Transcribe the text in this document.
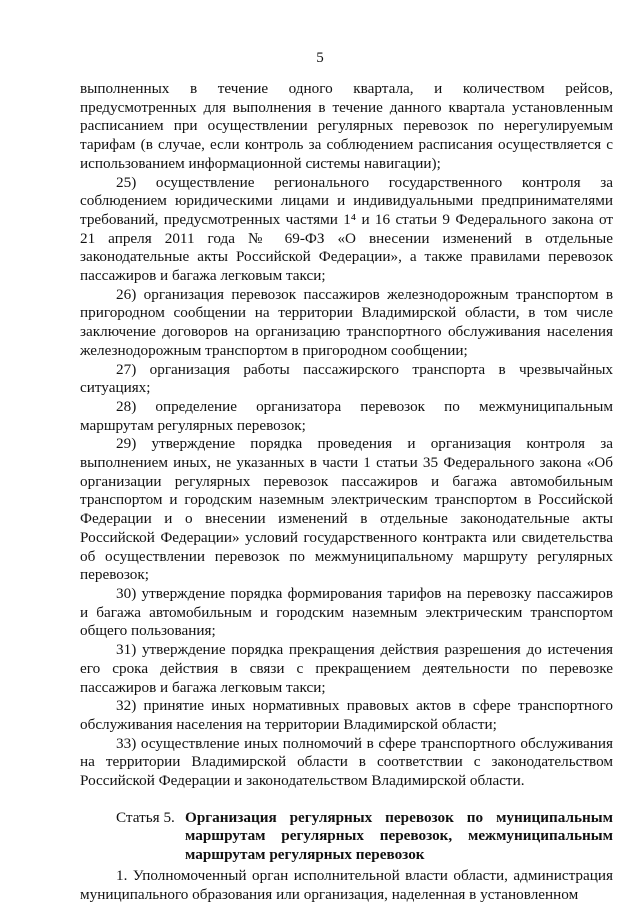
5

выполненных в течение одного квартала, и количеством рейсов, предусмотренных для выполнения в течение данного квартала установленным расписанием при осуществлении регулярных перевозок по нерегулируемым тарифам (в случае, если контроль за соблюдением расписания осуществляется с использованием информационной системы навигации);

25) осуществление регионального государственного контроля за соблюдением юридическими лицами и индивидуальными предпринимателями требований, предусмотренных частями 1⁴ и 16 статьи 9 Федерального закона от 21 апреля 2011 года № 69-ФЗ «О внесении изменений в отдельные законодательные акты Российской Федерации», а также правилами перевозок пассажиров и багажа легковым такси;

26) организация перевозок пассажиров железнодорожным транспортом в пригородном сообщении на территории Владимирской области, в том числе заключение договоров на организацию транспортного обслуживания населения железнодорожным транспортом в пригородном сообщении;

27) организация работы пассажирского транспорта в чрезвычайных ситуациях;

28) определение организатора перевозок по межмуниципальным маршрутам регулярных перевозок;

29) утверждение порядка проведения и организация контроля за выполнением иных, не указанных в части 1 статьи 35 Федерального закона «Об организации регулярных перевозок пассажиров и багажа автомобильным транспортом и городским наземным электрическим транспортом в Российской Федерации и о внесении изменений в отдельные законодательные акты Российской Федерации» условий государственного контракта или свидетельства об осуществлении перевозок по межмуниципальному маршруту регулярных перевозок;

30) утверждение порядка формирования тарифов на перевозку пассажиров и багажа автомобильным и городским наземным электрическим транспортом общего пользования;

31) утверждение порядка прекращения действия разрешения до истечения его срока действия в связи с прекращением деятельности по перевозке пассажиров и багажа легковым такси;

32) принятие иных нормативных правовых актов в сфере транспортного обслуживания населения на территории Владимирской области;

33) осуществление иных полномочий в сфере транспортного обслуживания на территории Владимирской области в соответствии с законодательством Российской Федерации и законодательством Владимирской области.

Статья 5. Организация регулярных перевозок по муниципальным маршрутам регулярных перевозок, межмуниципальным маршрутам регулярных перевозок

1. Уполномоченный орган исполнительной власти области, администрация муниципального образования или организация, наделенная в установленном
